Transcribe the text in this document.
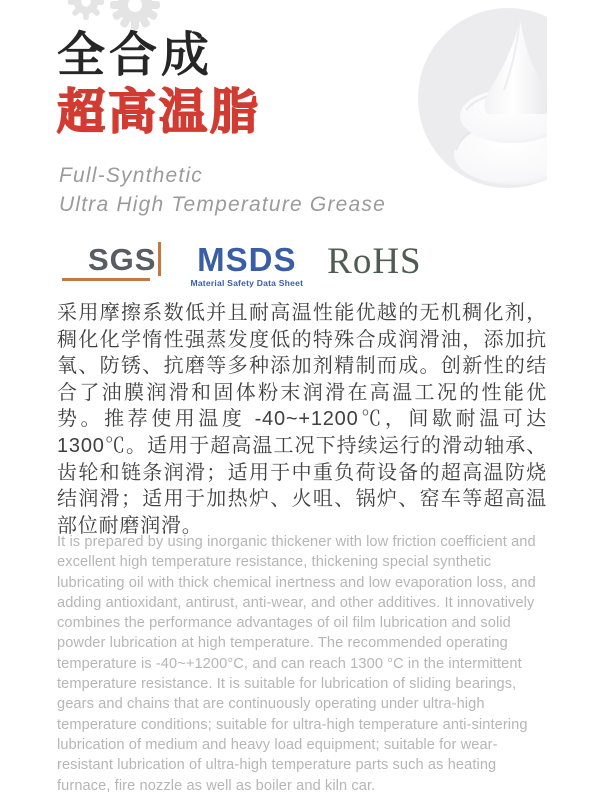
全合成
超高温脂

Full-Synthetic

Ultra High Temperature Grease

SGS MSDS
Material Safety Data Sheet
RoHS

采用摩擦系数低并且耐高温性能优越的无机稠化剂，稠化化学惰性强蒸发度低的特殊合成润滑油，添加抗氧、防锈、抗磨等多种添加剂精制而成。创新性的结合了油膜润滑和固体粉末润滑在高温工况的性能优势。推荐使用温度 -40~+1200℃，间歇耐温可达 1300℃。适用于超高温工况下持续运行的滑动轴承、齿轮和链条润滑；适用于中重负荷设备的超高温防烧结润滑；适用于加热炉、火咀、锅炉、窑车等超高温部位耐磨润滑。

It is prepared by using inorganic thickener with low friction coefficient and excellent high temperature resistance, thickening special synthetic lubricating oil with thick chemical inertness and low evaporation loss, and adding antioxidant, antirust, anti-wear, and other additives. It innovatively combines the performance advantages of oil film lubrication and solid powder lubrication at high temperature. The recommended operating temperature is -40~+1200°C, and can reach 1300 °C in the intermittent temperature resistance. It is suitable for lubrication of sliding bearings, gears and chains that are continuously operating under ultra-high temperature conditions; suitable for ultra-high temperature anti-sintering lubrication of medium and heavy load equipment; suitable for wear-resistant lubrication of ultra-high temperature parts such as heating furnace, fire nozzle as well as boiler and kiln car.
